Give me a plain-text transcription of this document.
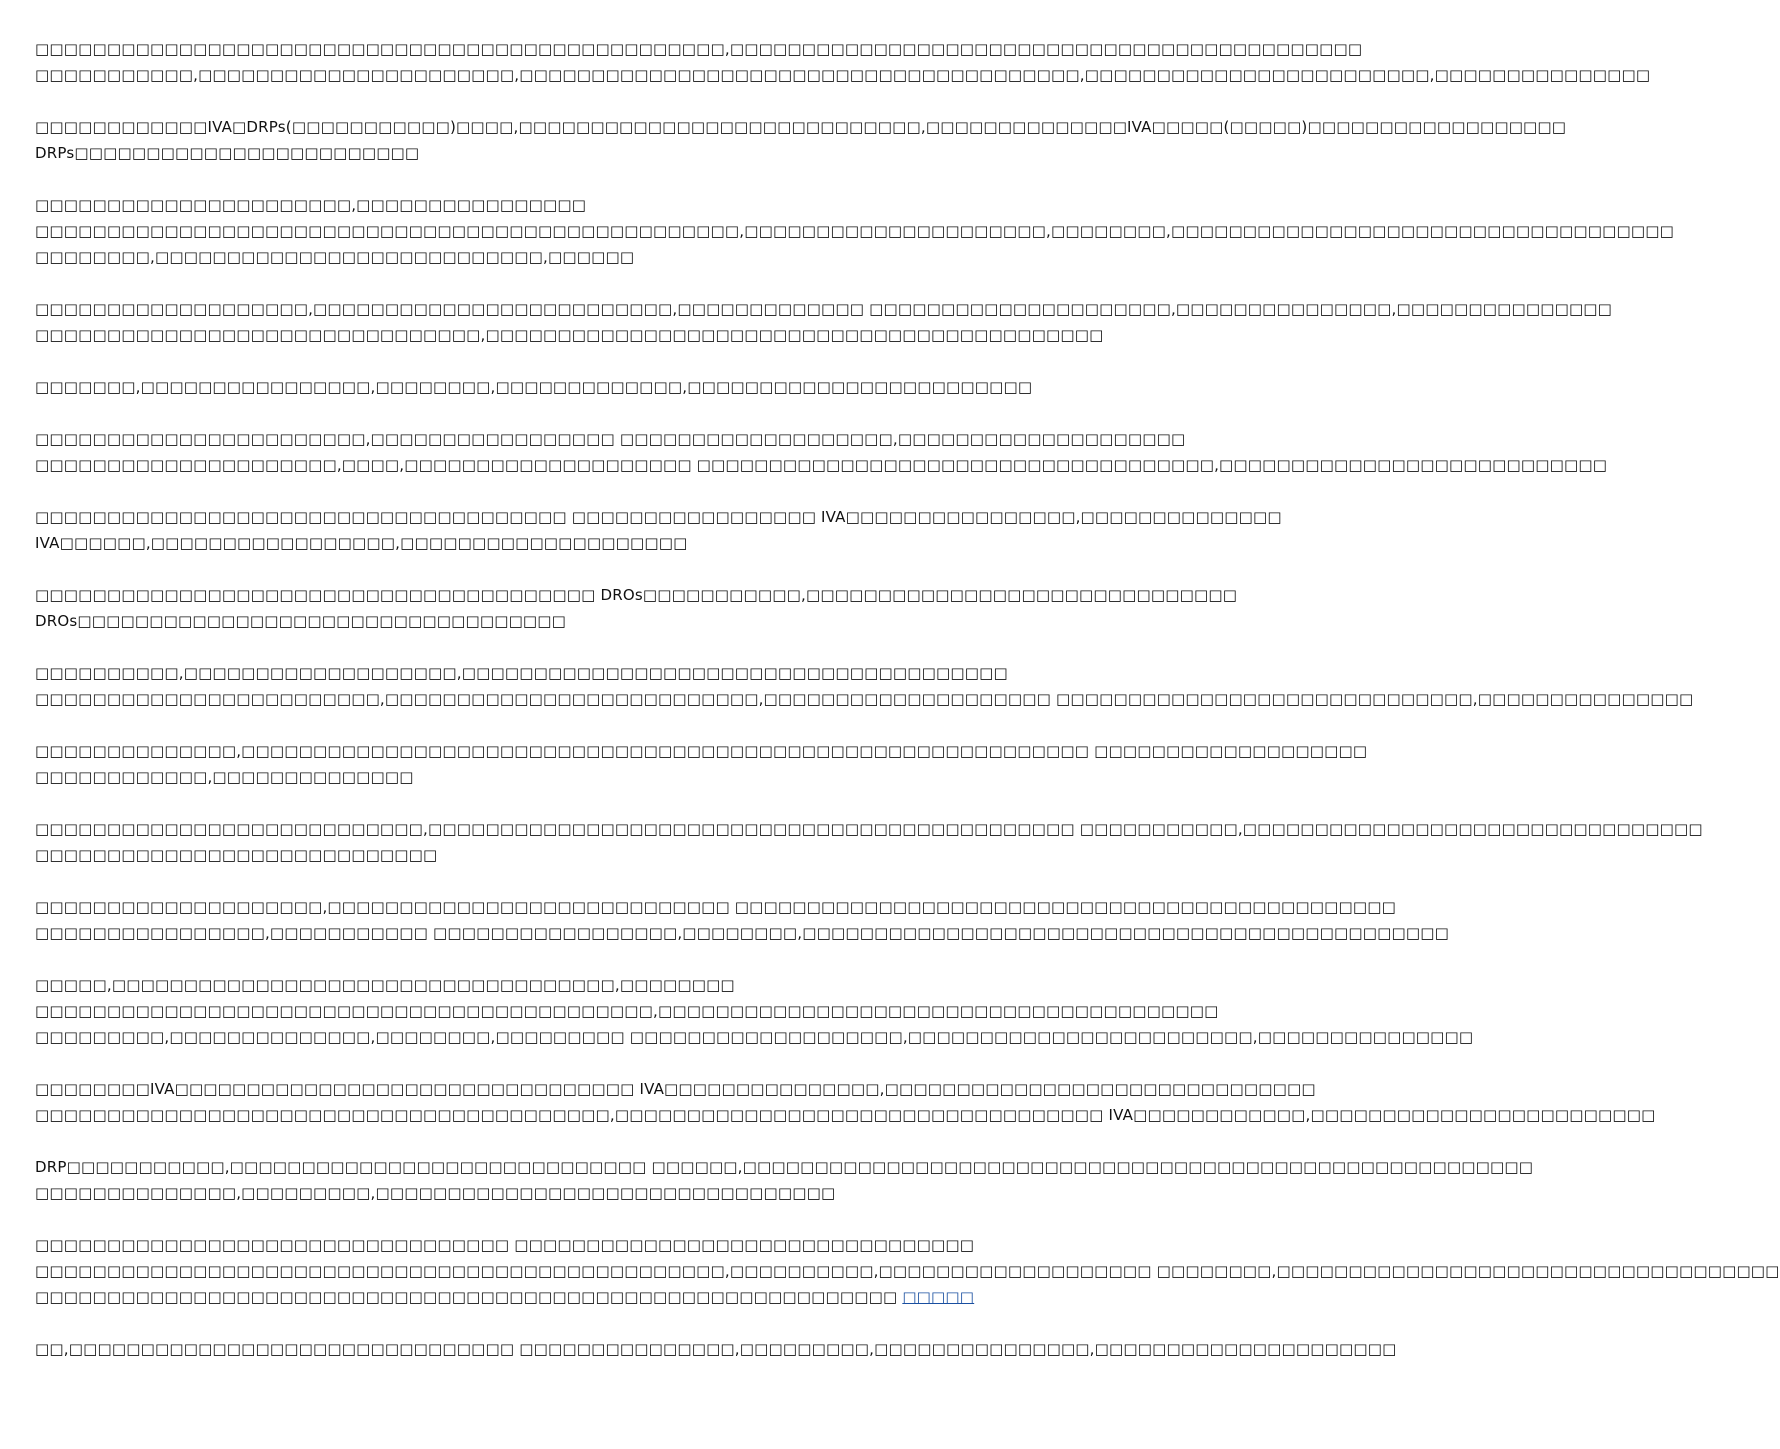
□□□□□□□□□□□□□□□□□□□□□□□□□□□□□□□□□□□□□□□□□□□□□□□□,□□□□□□□□□□□□□□□□□□□□□□□□□□□□□□□□□□□□□□□□□□□□
□□□□□□□□□□□,□□□□□□□□□□□□□□□□□□□□□□,□□□□□□□□□□□□□□□□□□□□□□□□□□□□□□□□□□□□□□□,□□□□□□□□□□□□□□□□□□□□□□□□,□□□□□□□□□□□□□□□
□□□□□□□□□□□□IVA□DRPs(□□□□□□□□□□□)□□□□,□□□□□□□□□□□□□□□□□□□□□□□□□□□□,□□□□□□□□□□□□□□IVA□□□□□(□□□□□)□□□□□□□□□□□□□□□□□□
DRPs□□□□□□□□□□□□□□□□□□□□□□□□
□□□□□□□□□□□□□□□□□□□□□□,□□□□□□□□□□□□□□□□
□□□□□□□□□□□□□□□□□□□□□□□□□□□□□□□□□□□□□□□□□□□□□□□□□,□□□□□□□□□□□□□□□□□□□□□,□□□□□□□□,□□□□□□□□□□□□□□□□□□□□□□□□□□□□□□□□□□□
□□□□□□□□,□□□□□□□□□□□□□□□□□□□□□□□□□□□,□□□□□□
□□□□□□□□□□□□□□□□□□□,□□□□□□□□□□□□□□□□□□□□□□□□□,□□□□□□□□□□□□□ □□□□□□□□□□□□□□□□□□□□□,□□□□□□□□□□□□□□□,□□□□□□□□□□□□□□□
□□□□□□□□□□□□□□□□□□□□□□□□□□□□□□□,□□□□□□□□□□□□□□□□□□□□□□□□□□□□□□□□□□□□□□□□□□□
□□□□□□□,□□□□□□□□□□□□□□□□,□□□□□□□□,□□□□□□□□□□□□□,□□□□□□□□□□□□□□□□□□□□□□□□
□□□□□□□□□□□□□□□□□□□□□□□,□□□□□□□□□□□□□□□□□ □□□□□□□□□□□□□□□□□□□,□□□□□□□□□□□□□□□□□□□□
□□□□□□□□□□□□□□□□□□□□□,□□□□,□□□□□□□□□□□□□□□□□□□□ □□□□□□□□□□□□□□□□□□□□□□□□□□□□□□□□□□□□,□□□□□□□□□□□□□□□□□□□□□□□□□□□
□□□□□□□□□□□□□□□□□□□□□□□□□□□□□□□□□□□□□ □□□□□□□□□□□□□□□□□ IVA□□□□□□□□□□□□□□□□,□□□□□□□□□□□□□□
IVA□□□□□□,□□□□□□□□□□□□□□□□□,□□□□□□□□□□□□□□□□□□□□
□□□□□□□□□□□□□□□□□□□□□□□□□□□□□□□□□□□□□□□ DROs□□□□□□□□□□□,□□□□□□□□□□□□□□□□□□□□□□□□□□□□□□
DROs□□□□□□□□□□□□□□□□□□□□□□□□□□□□□□□□□□
□□□□□□□□□□,□□□□□□□□□□□□□□□□□□□,□□□□□□□□□□□□□□□□□□□□□□□□□□□□□□□□□□□□□□
□□□□□□□□□□□□□□□□□□□□□□□□,□□□□□□□□□□□□□□□□□□□□□□□□□□,□□□□□□□□□□□□□□□□□□□□ □□□□□□□□□□□□□□□□□□□□□□□□□□□□□,□□□□□□□□□□□□□□□
□□□□□□□□□□□□□□,□□□□□□□□□□□□□□□□□□□□□□□□□□□□□□□□□□□□□□□□□□□□□□□□□□□□□□□□□□□ □□□□□□□□□□□□□□□□□□□
□□□□□□□□□□□□,□□□□□□□□□□□□□□
□□□□□□□□□□□□□□□□□□□□□□□□□□□,□□□□□□□□□□□□□□□□□□□□□□□□□□□□□□□□□□□□□□□□□□□□□ □□□□□□□□□□□,□□□□□□□□□□□□□□□□□□□□□□□□□□□□□□□□
□□□□□□□□□□□□□□□□□□□□□□□□□□□□
□□□□□□□□□□□□□□□□□□□□,□□□□□□□□□□□□□□□□□□□□□□□□□□□□ □□□□□□□□□□□□□□□□□□□□□□□□□□□□□□□□□□□□□□□□□□□□□□
□□□□□□□□□□□□□□□□,□□□□□□□□□□□ □□□□□□□□□□□□□□□□□,□□□□□□□□,□□□□□□□□□□□□□□□□□□□□□□□□□□□□□□□□□□□□□□□□□□□□□
□□□□□,□□□□□□□□□□□□□□□□□□□□□□□□□□□□□□□□□□□,□□□□□□□□
□□□□□□□□□□□□□□□□□□□□□□□□□□□□□□□□□□□□□□□□□□□,□□□□□□□□□□□□□□□□□□□□□□□□□□□□□□□□□□□□□□□
□□□□□□□□□,□□□□□□□□□□□□□□,□□□□□□□□,□□□□□□□□□ □□□□□□□□□□□□□□□□□□□,□□□□□□□□□□□□□□□□□□□□□□□□,□□□□□□□□□□□□□□□
□□□□□□□□IVA□□□□□□□□□□□□□□□□□□□□□□□□□□□□□□□□ IVA□□□□□□□□□□□□□□□,□□□□□□□□□□□□□□□□□□□□□□□□□□□□□□
□□□□□□□□□□□□□□□□□□□□□□□□□□□□□□□□□□□□□□□□,□□□□□□□□□□□□□□□□□□□□□□□□□□□□□□□□□□ IVA□□□□□□□□□□□□,□□□□□□□□□□□□□□□□□□□□□□□□
DRP□□□□□□□□□□□,□□□□□□□□□□□□□□□□□□□□□□□□□□□□□ □□□□□□,□□□□□□□□□□□□□□□□□□□□□□□□□□□□□□□□□□□□□□□□□□□□□□□□□□□□□□□
□□□□□□□□□□□□□□,□□□□□□□□□,□□□□□□□□□□□□□□□□□□□□□□□□□□□□□□□□
□□□□□□□□□□□□□□□□□□□□□□□□□□□□□□□□□ □□□□□□□□□□□□□□□□□□□□□□□□□□□□□□□□
□□□□□□□□□□□□□□□□□□□□□□□□□□□□□□□□□□□□□□□□□□□□□□□□,□□□□□□□□□□,□□□□□□□□□□□□□□□□□□□ □□□□□□□□,□□□□□□□□□□□□□□□□□□□□□□□□□□□□□□□□□□□
□□□□□□□□□□□□□□□□□□□□□□□□□□□□□□□□□□□□□□□□□□□□□□□□□□□□□□□□□□□□ □□□□□
□□,□□□□□□□□□□□□□□□□□□□□□□□□□□□□□□□ □□□□□□□□□□□□□□□,□□□□□□□□□,□□□□□□□□□□□□□□□,□□□□□□□□□□□□□□□□□□□□□
